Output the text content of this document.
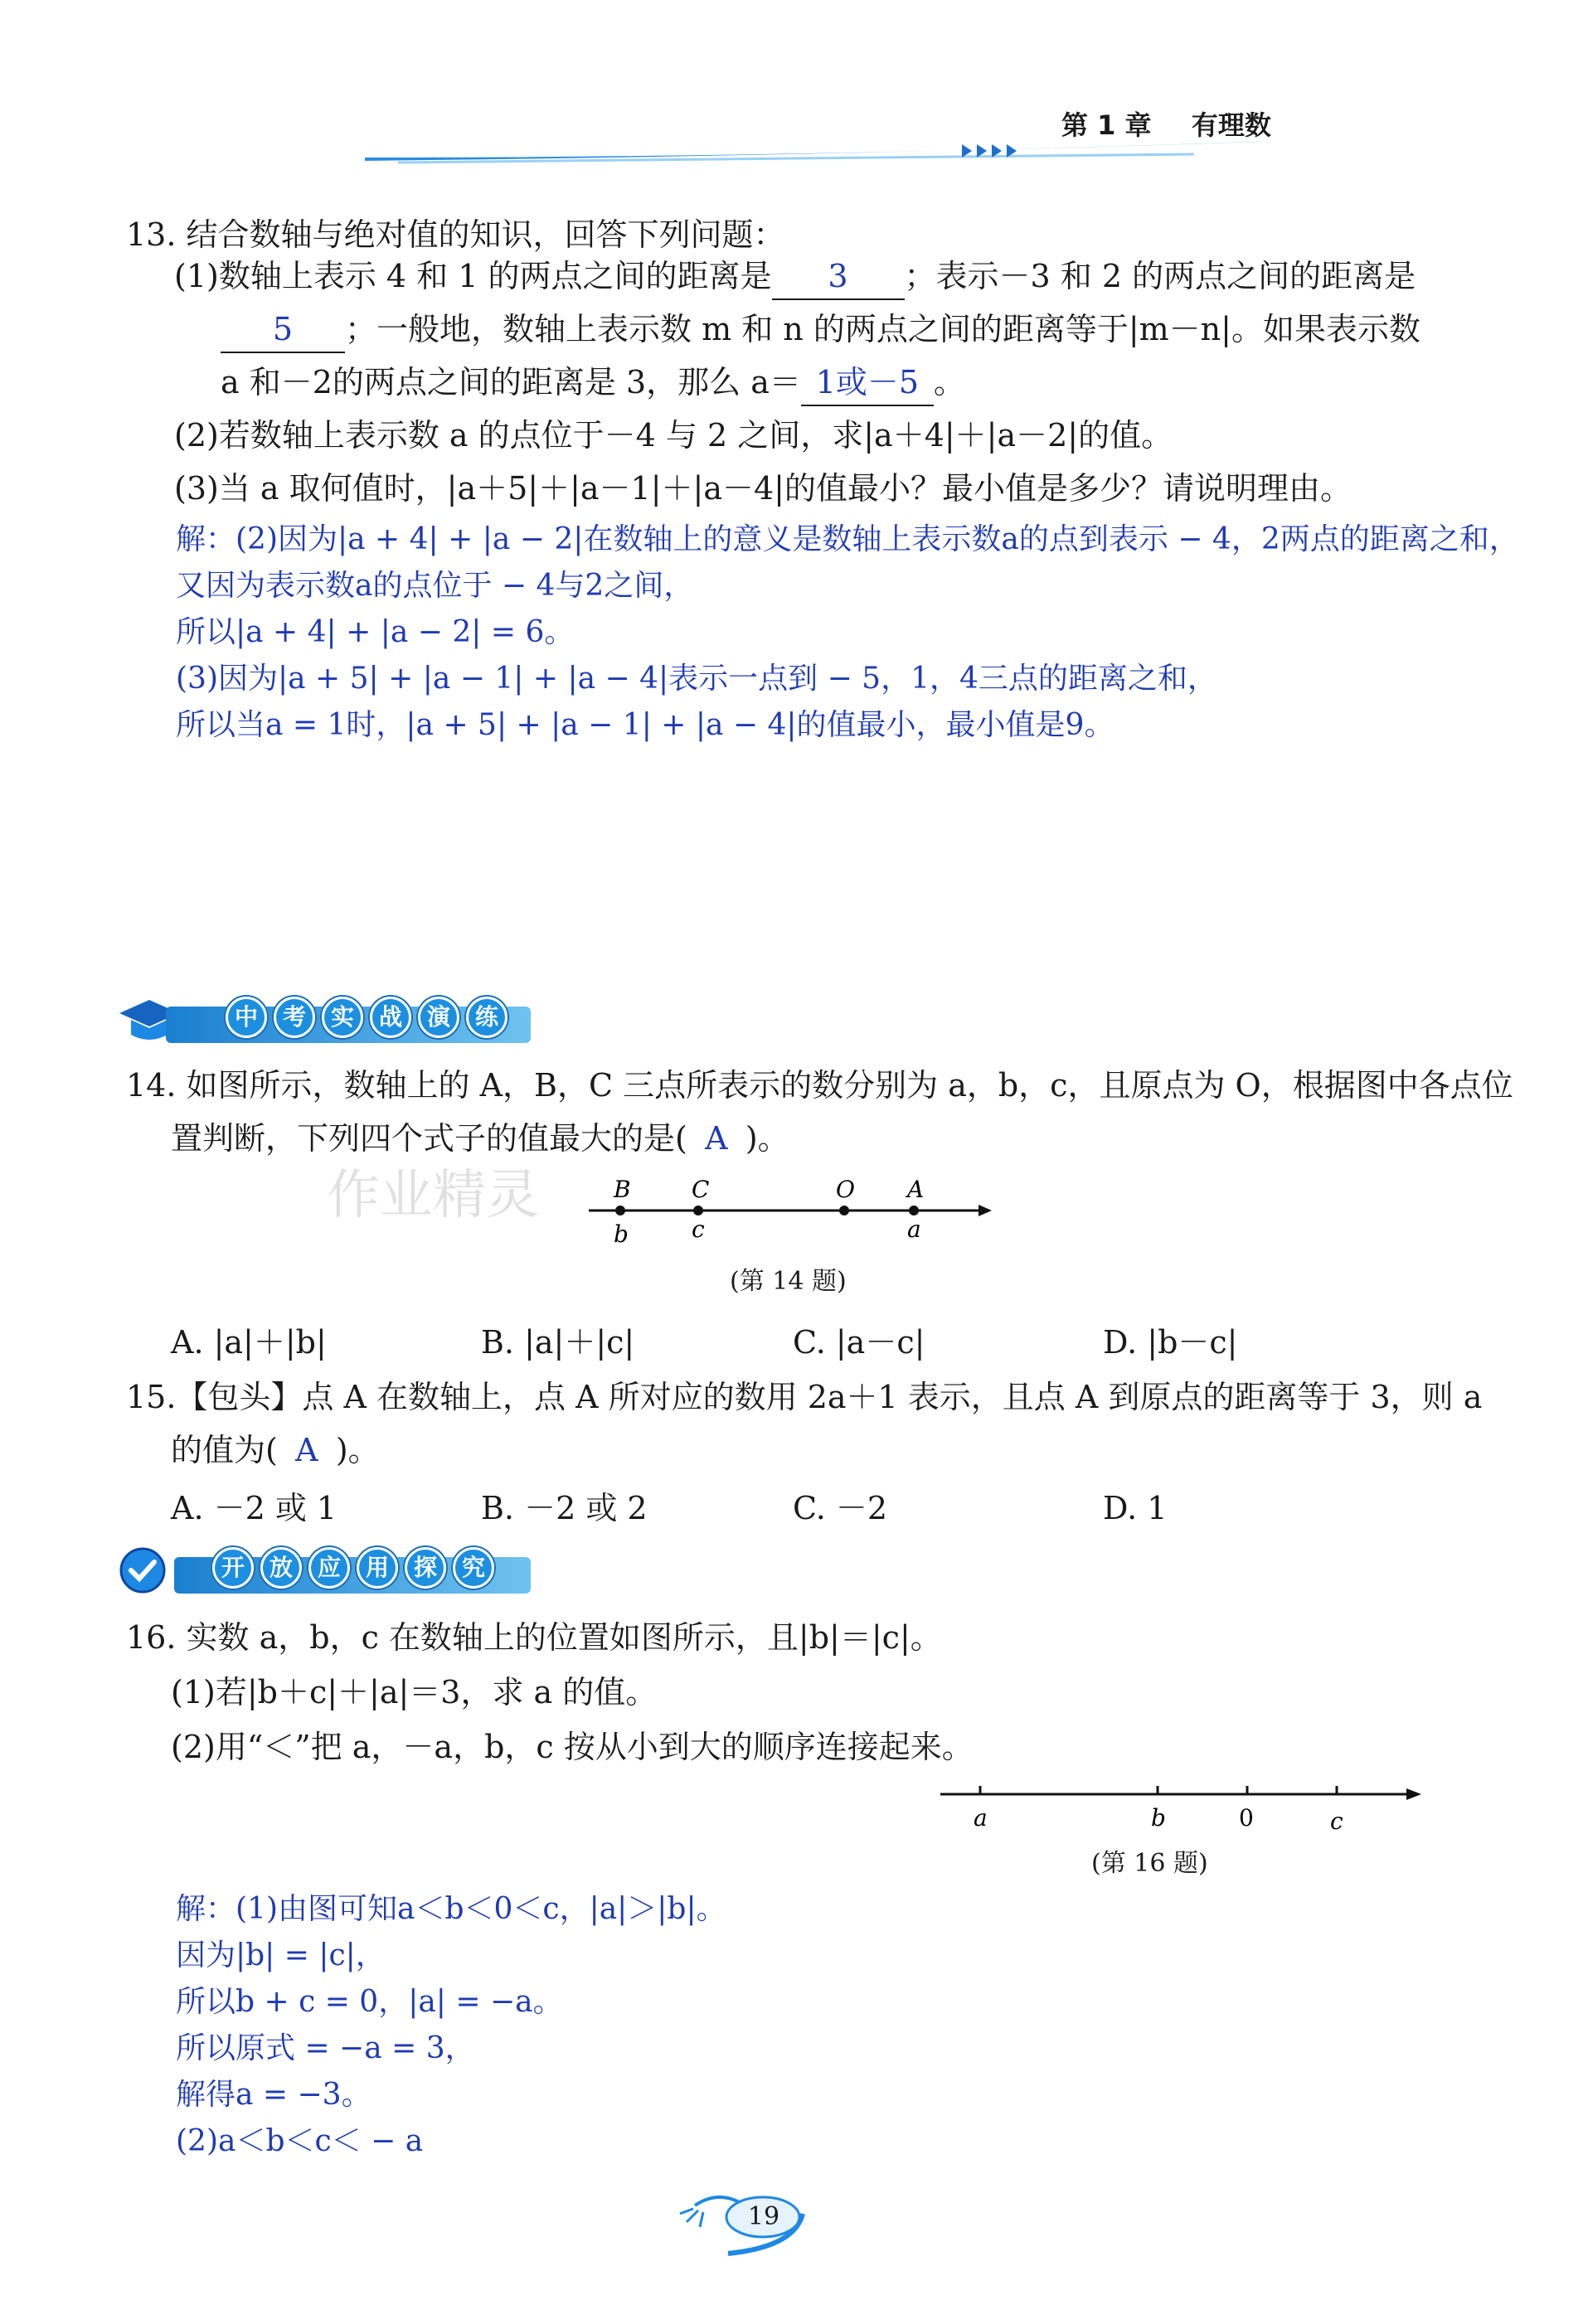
第 1 章 有理数
13. 结合数轴与绝对值的知识，回答下列问题：
(1)数轴上表示 4 和 1 的两点之间的距离是 3 ；表示－3 和 2 的两点之间的距离是
5 ；一般地，数轴上表示数 m 和 n 的两点之间的距离等于|m－n|。如果表示数
a 和－2的两点之间的距离是 3，那么 a＝ 1或－5 。
(2)若数轴上表示数 a 的点位于－4 与 2 之间，求|a＋4|＋|a－2|的值。
(3)当 a 取何值时，|a＋5|＋|a－1|＋|a－4|的值最小？最小值是多少？请说明理由。
解：(2)因为|a + 4| + |a − 2|在数轴上的意义是数轴上表示数a的点到表示 − 4，2两点的距离之和，
又因为表示数a的点位于 − 4与2之间，
所以|a + 4| + |a − 2| = 6。
(3)因为|a + 5| + |a − 1| + |a − 4|表示一点到 − 5，1，4三点的距离之和，
所以当a = 1时，|a + 5| + |a − 1| + |a − 4|的值最小，最小值是9。
中 考 实 战 演 练
14. 如图所示，数轴上的 A，B，C 三点所表示的数分别为 a，b，c，且原点为 O，根据图中各点位
置判断，下列四个式子的值最大的是( A )。
作业精灵	B	C	O A
b	c	a
(第 14 题)
A. |a|＋|b|	B. |a|＋|c|	C. |a－c|	D. |b－c|
15.【包头】点 A 在数轴上，点 A 所对应的数用 2a＋1 表示，且点 A 到原点的距离等于 3，则 a
的值为( A )。
A. －2 或 1	B. －2 或 2	C. －2	D. 1
开 放 应 用 探 究
16. 实数 a，b，c 在数轴上的位置如图所示，且|b|＝|c|。
(1)若|b＋c|＋|a|＝3，求 a 的值。
(2)用“＜”把 a，－a，b，c 按从小到大的顺序连接起来。
a	b	0	c
(第 16 题)
解：(1)由图可知a＜b＜0＜c，|a|＞|b|。
因为|b| = |c|，
所以b + c = 0，|a| = −a。
所以原式 = −a = 3，
解得a = −3。
(2)a＜b＜c＜ − a
19
